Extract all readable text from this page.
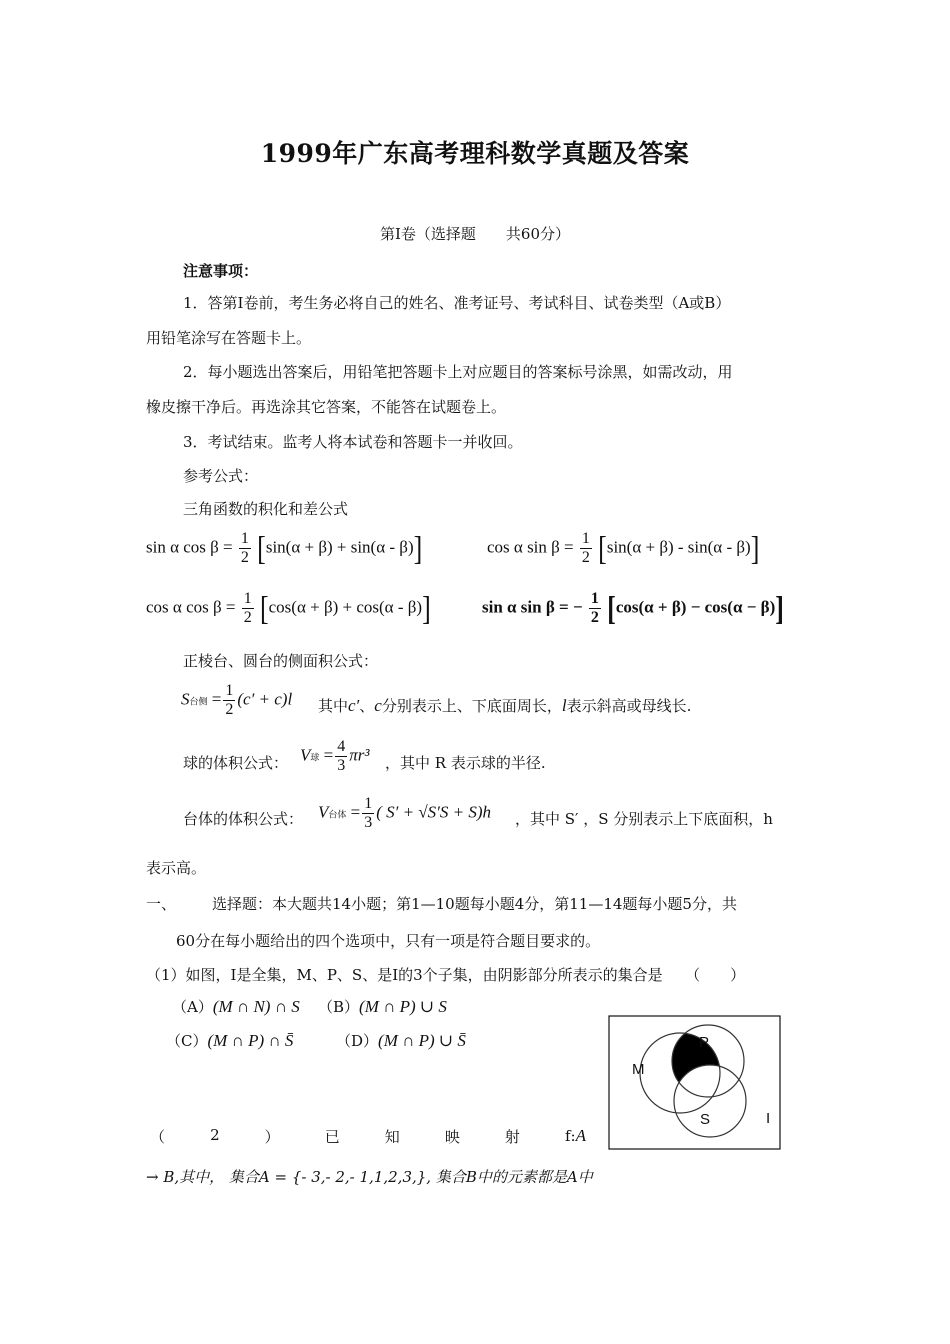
1999年广东高考理科数学真题及答案
第Ⅰ卷（选择题　　共60分）
注意事项：
1．答第Ⅰ卷前，考生务必将自己的姓名、准考证号、考试科目、试卷类型（A或B）
用铅笔涂写在答题卡上。
2．每小题选出答案后，用铅笔把答题卡上对应题目的答案标号涂黑，如需改动，用
橡皮擦干净后。再选涂其它答案，不能答在试题卷上。
3．考试结束。监考人将本试卷和答题卡一并收回。
参考公式：
三角函数的积化和差公式
sin α $\cos \beta = \frac{1}{2} [\sin(\alpha + \beta) + \sin(\alpha - \beta)]$	cos α $\sin \beta = \frac{1}{2} [\sin(\alpha + \beta) - \sin(\alpha - \beta)]$
cos α $\cos \beta = \frac{1}{2} [\cos(\alpha + \beta) + \cos(\alpha - \beta)]$	sin α sin β = − $\frac{1}{2} [\cos(\alpha + \beta) - \cos(\alpha - \beta)]$
正棱台、圆台的侧面积公式：
S台侧 = $\frac{1}{2} (c' + c)l$ 其中c′、c分别表示上、下底面周长，l表示斜高或母线长.
球的体积公式： V球 = $\frac{4}{3} \pi r^3$ ，其中 R 表示球的半径.
台体的体积公式： V台体 = $\frac{1}{3}$ ( S′ + √S′S + S)h ，其中 S′ ，S 分别表示上下底面积，h
表示高。
一、 选择题：本大题共14小题；第1—10题每小题4分，第11—14题每小题5分，共
60分在每小题给出的四个选项中，只有一项是符合题目要求的。
（1）如图，I是全集，M、P、S、是I的3个子集，由阴影部分所表示的集合是　　（　　）
（A）(M ∩ N) ∩ S （B）(M ∩ P) ∪ S
（C）(M ∩ P) ∩ S̄	（D）(M ∩ P) ∪ S̄
M
P
S	I
（	2	）	已	知	映	射	f:A
→ B,其中， 集合A = {- 3,- 2,- 1,1,2,3,}, 集合B中的元素都是A中
